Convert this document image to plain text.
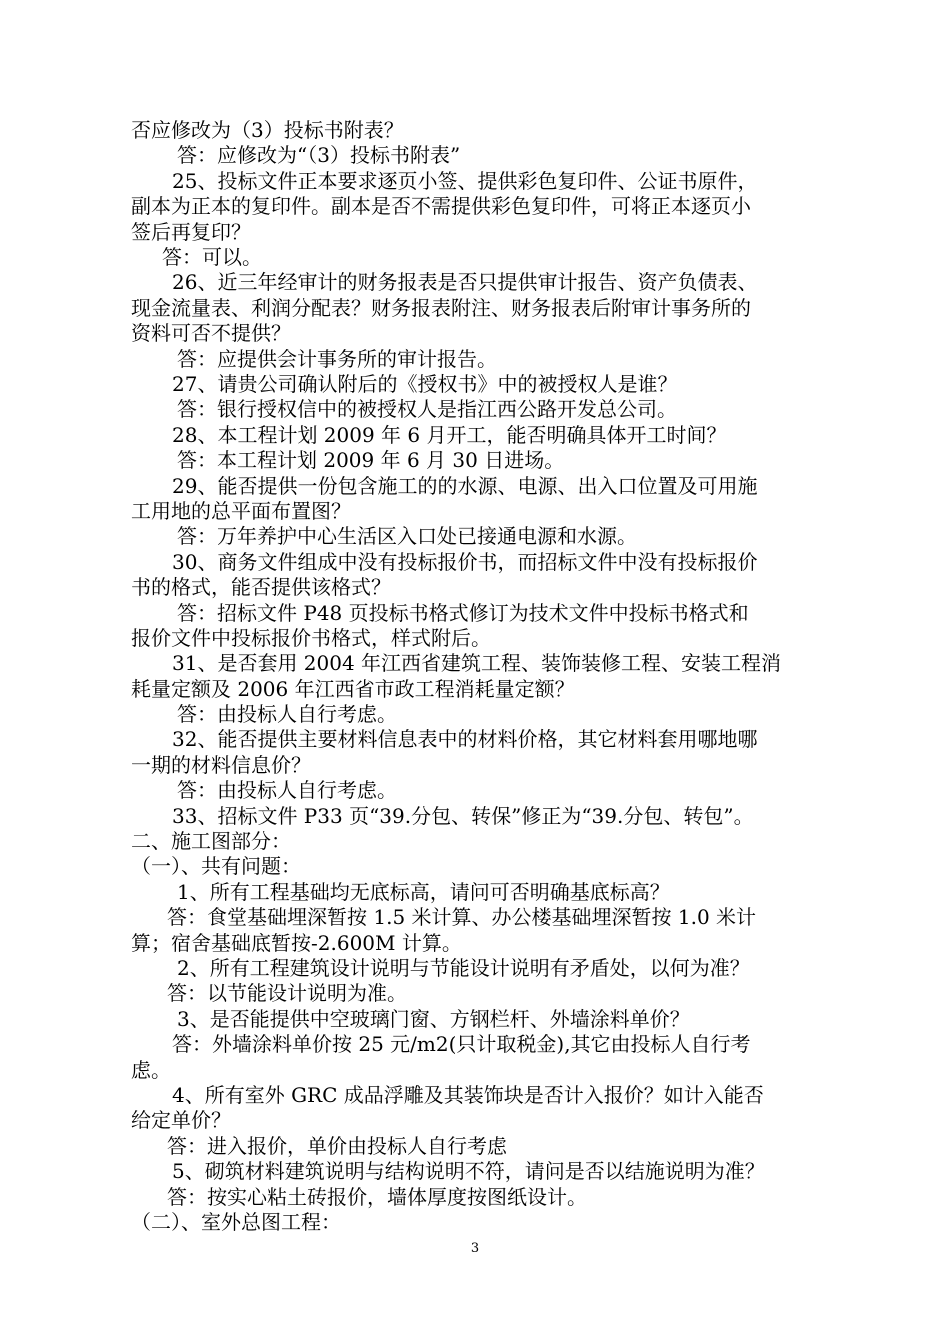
否应修改为（3）投标书附表？
答：应修改为“（3）投标书附表”
25、投标文件正本要求逐页小签、提供彩色复印件、公证书原件，
副本为正本的复印件。副本是否不需提供彩色复印件，可将正本逐页小
签后再复印？
答：可以。
26、近三年经审计的财务报表是否只提供审计报告、资产负债表、
现金流量表、利润分配表？财务报表附注、财务报表后附审计事务所的
资料可否不提供？
答：应提供会计事务所的审计报告。
27、请贵公司确认附后的《授权书》中的被授权人是谁？
答：银行授权信中的被授权人是指江西公路开发总公司。
28、本工程计划 2009 年 6 月开工，能否明确具体开工时间？
答：本工程计划 2009 年 6 月 30 日进场。
29、能否提供一份包含施工的的水源、电源、出入口位置及可用施
工用地的总平面布置图？
答：万年养护中心生活区入口处已接通电源和水源。
30、商务文件组成中没有投标报价书，而招标文件中没有投标报价
书的格式，能否提供该格式？
答：招标文件 P48 页投标书格式修订为技术文件中投标书格式和
报价文件中投标报价书格式，样式附后。
31、是否套用 2004 年江西省建筑工程、装饰装修工程、安装工程消
耗量定额及 2006 年江西省市政工程消耗量定额？
答：由投标人自行考虑。
32、能否提供主要材料信息表中的材料价格，其它材料套用哪地哪
一期的材料信息价？
答：由投标人自行考虑。
33、招标文件 P33 页“39.分包、转保”修正为“39.分包、转包”。
二、施工图部分：
（一）、共有问题：
1、所有工程基础均无底标高，请问可否明确基底标高？
答：食堂基础埋深暂按 1.5 米计算、办公楼基础埋深暂按 1.0 米计
算；宿舍基础底暂按-2.600M 计算。
2、所有工程建筑设计说明与节能设计说明有矛盾处，以何为准？
答：以节能设计说明为准。
3、是否能提供中空玻璃门窗、方钢栏杆、外墙涂料单价？
答：外墙涂料单价按 25 元/m2(只计取税金),其它由投标人自行考
虑。
4、所有室外 GRC 成品浮雕及其装饰块是否计入报价？如计入能否
给定单价？
答：进入报价，单价由投标人自行考虑
5、砌筑材料建筑说明与结构说明不符，请问是否以结施说明为准？
答：按实心粘土砖报价，墙体厚度按图纸设计。
（二）、室外总图工程：
3
